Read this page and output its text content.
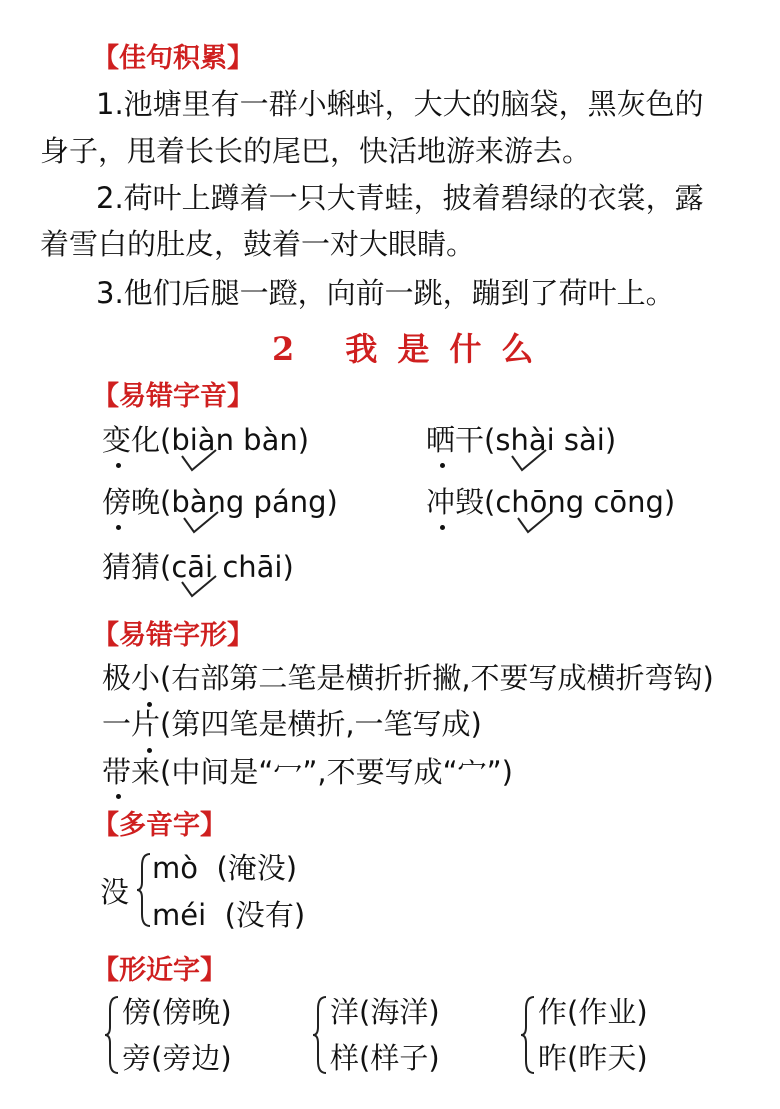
【佳句积累】
1.池塘里有一群小蝌蚪，大大的脑袋，黑灰色的
身子，甩着长长的尾巴，快活地游来游去。
2.荷叶上蹲着一只大青蛙，披着碧绿的衣裳，露
着雪白的肚皮，鼓着一对大眼睛。
3.他们后腿一蹬，向前一跳，蹦到了荷叶上。
2 我是什么
【易错字音】
变化(biàn bàn)	晒干(shài sài)
傍晚(bàng páng)	冲毁(chōng cōng)
猜猜(cāi chāi)
【易错字形】
极小(右部第二笔是横折折撇,不要写成横折弯钩)
一片(第四笔是横折,一笔写成)
带来(中间是“冖”,不要写成“宀”)
【多音字】
没
mò (淹没)
méi (没有)
【形近字】
傍(傍晚)
旁(旁边)
洋(海洋)
样(样子)
作(作业)
昨(昨天)
